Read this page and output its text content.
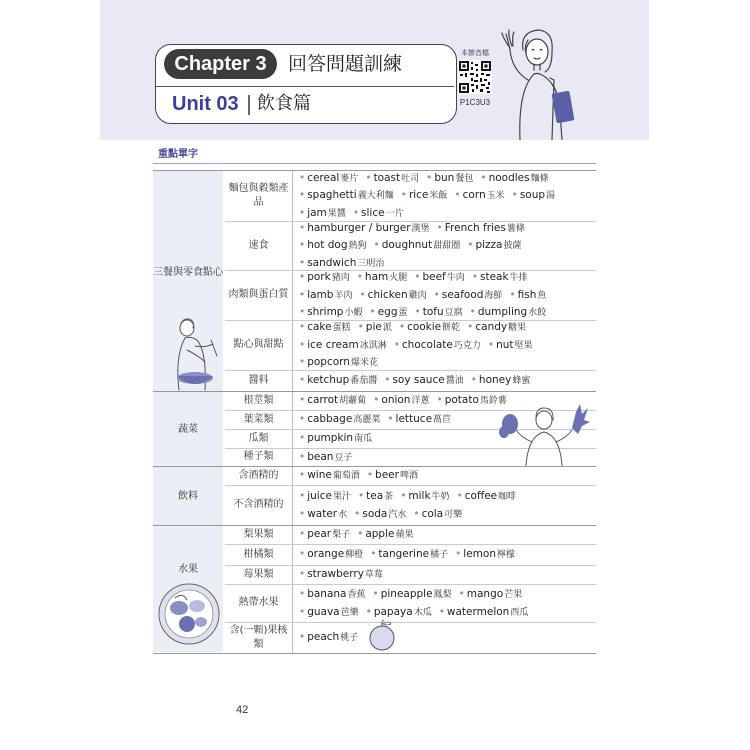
Chapter 3	回答問題訓練
Unit 03 飲食篇
本節音檔
P1C3U3
重點單字
三餐與零食點心
麵包與穀類產品
• cereal麥片 • toast吐司 • bun餐包 • noodles麵條
• spaghetti義大利麵 • rice米飯 • corn玉米 • soup湯
• jam果醬 • slice一片
速食
• hamburger / burger漢堡 • French fries薯條
• hot dog熱狗 • doughnut甜甜圈 • pizza披薩
• sandwich三明治
肉類與蛋白質
• pork豬肉 • ham火腿 • beef牛肉 • steak牛排
• lamb羊肉 • chicken雞肉 • seafood海鮮 • fish魚
• shrimp小蝦 • egg蛋 • tofu豆腐 • dumpling水餃
點心與甜點
• cake蛋糕 • pie派 • cookie餅乾 • candy糖果
• ice cream冰淇淋 • chocolate巧克力 • nut堅果
• popcorn爆米花
醬料	• ketchup番茄醬 • soy sauce醬油 • honey蜂蜜
蔬菜
根莖類	• carrot胡蘿蔔 • onion洋蔥 • potato馬鈴薯
葉菜類	• cabbage高麗菜 • lettuce萵苣
瓜類	• pumpkin南瓜
種子類	• bean豆子
飲料
含酒精的	• wine葡萄酒 • beer啤酒
不含酒精的
• juice果汁 • tea茶 • milk牛奶 • coffee咖啡
• water水 • soda汽水 • cola可樂
水果
梨果類	• pear梨子 • apple蘋果
柑橘類	• orange柳橙 • tangerine橘子 • lemon檸檬
莓果類	• strawberry草莓
熱帶水果
• banana香蕉 • pineapple鳳梨 • mango芒果
• guava芭樂 • papaya木瓜 • watermelon西瓜
含(一顆)果核類
• peach桃子
42
